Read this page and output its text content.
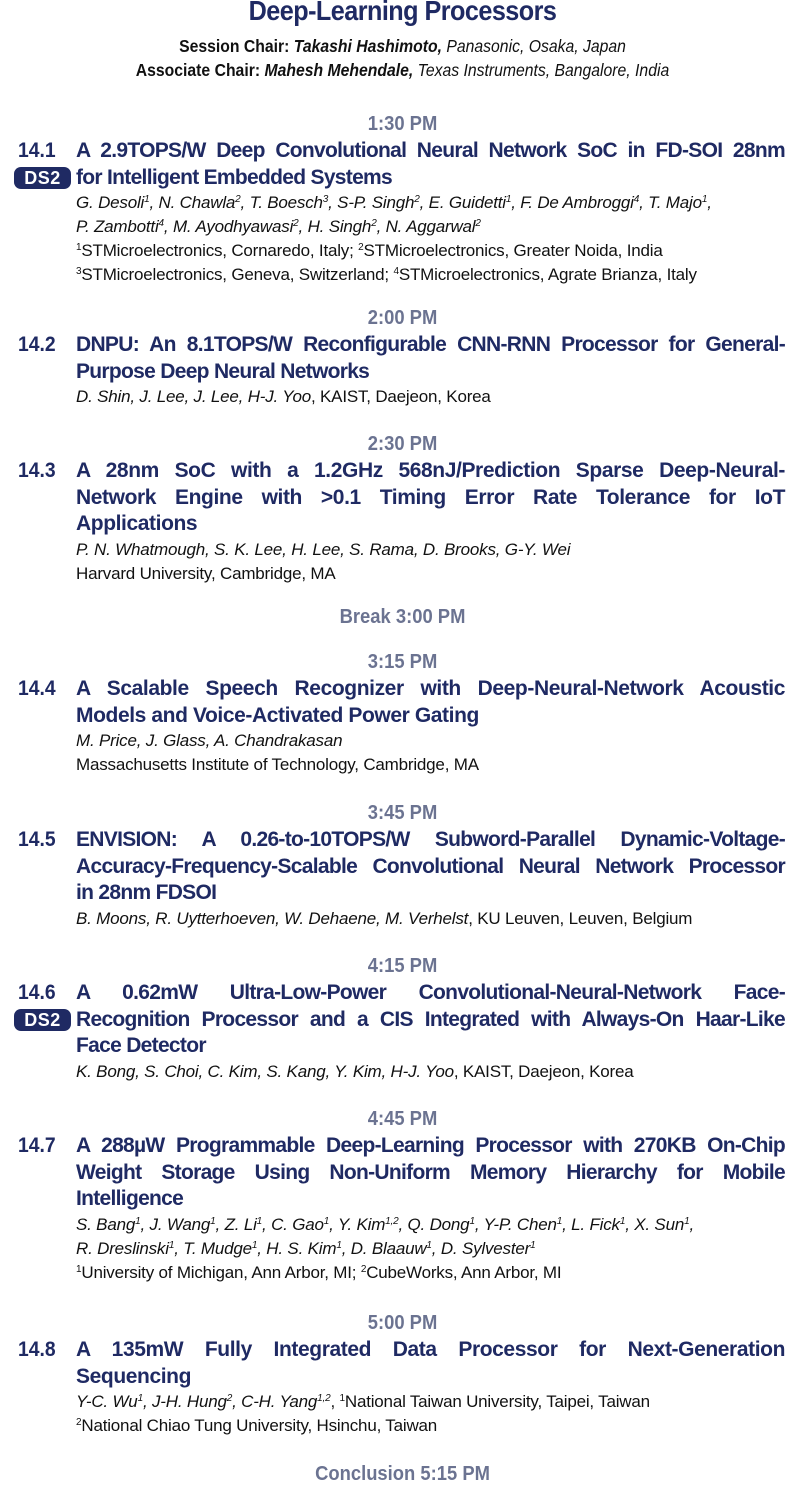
Deep-Learning Processors

Session Chair: Takashi Hashimoto, Panasonic, Osaka, Japan

Associate Chair: Mahesh Mehendale, Texas Instruments, Bangalore, India

1:30 PM

14.1
DS2

A 2.9TOPS/W Deep Convolutional Neural Network SoC in FD-SOI 28nm
for Intelligent Embedded Systems

G. Desoli$^1$, N. Chawla$^2$, T. Boesch$^3$, S-P. Singh$^2$, E. Guidetti$^1$, F. De Ambroggi$^4$, T. Majo$^1$,

P. Zambotti$^4$, M. Ayodhyawasi$^2$, H. Singh$^2$, N. Aggarwal$^2$

$^1$STMicroelectronics, Cornaredo, Italy; $^2$STMicroelectronics, Greater Noida, India

$^3$STMicroelectronics, Geneva, Switzerland; $^4$STMicroelectronics, Agrate Brianza, Italy

2:00 PM

14.2 DNPU: An 8.1TOPS/W Reconfigurable CNN-RNN Processor for General-
Purpose Deep Neural Networks

D. Shin, J. Lee, J. Lee, H-J. Yoo, KAIST, Daejeon, Korea

2:30 PM

14.3 A 28nm SoC with a 1.2GHz 568nJ/Prediction Sparse Deep-Neural-
Network Engine with >0.1 Timing Error Rate Tolerance for IoT
Applications

P. N. Whatmough, S. K. Lee, H. Lee, S. Rama, D. Brooks, G-Y. Wei

Harvard University, Cambridge, MA

Break 3:00 PM

3:15 PM

14.4 A Scalable Speech Recognizer with Deep-Neural-Network Acoustic
Models and Voice-Activated Power Gating

M. Price, J. Glass, A. Chandrakasan

Massachusetts Institute of Technology, Cambridge, MA

3:45 PM

14.5 ENVISION: A 0.26-to-10TOPS/W Subword-Parallel Dynamic-Voltage-
Accuracy-Frequency-Scalable Convolutional Neural Network Processor
in 28nm FDSOI

B. Moons, R. Uytterhoeven, W. Dehaene, M. Verhelst, KU Leuven, Leuven, Belgium

4:15 PM

14.6
DS2

A 0.62mW Ultra-Low-Power Convolutional-Neural-Network Face-
Recognition Processor and a CIS Integrated with Always-On Haar-Like
Face Detector

K. Bong, S. Choi, C. Kim, S. Kang, Y. Kim, H-J. Yoo, KAIST, Daejeon, Korea

4:45 PM

14.7 A 288µW Programmable Deep-Learning Processor with 270KB On-Chip
Weight Storage Using Non-Uniform Memory Hierarchy for Mobile
Intelligence

S. Bang$^1$, J. Wang$^1$, Z. Li$^1$, C. Gao$^1$, Y. Kim$^{1,2}$, Q. Dong$^1$, Y-P. Chen$^1$, L. Fick$^1$, X. Sun$^1$,

R. Dreslinski$^1$, T. Mudge$^1$, H. S. Kim$^1$, D. Blaauw$^1$, D. Sylvester$^1$

$^1$University of Michigan, Ann Arbor, MI; $^2$CubeWorks, Ann Arbor, MI

5:00 PM

14.8 A 135mW Fully Integrated Data Processor for Next-Generation
Sequencing

Y-C. Wu$^1$, J-H. Hung$^2$, C-H. Yang$^{1,2}$, $^1$National Taiwan University, Taipei, Taiwan

$^2$National Chiao Tung University, Hsinchu, Taiwan

Conclusion 5:15 PM
